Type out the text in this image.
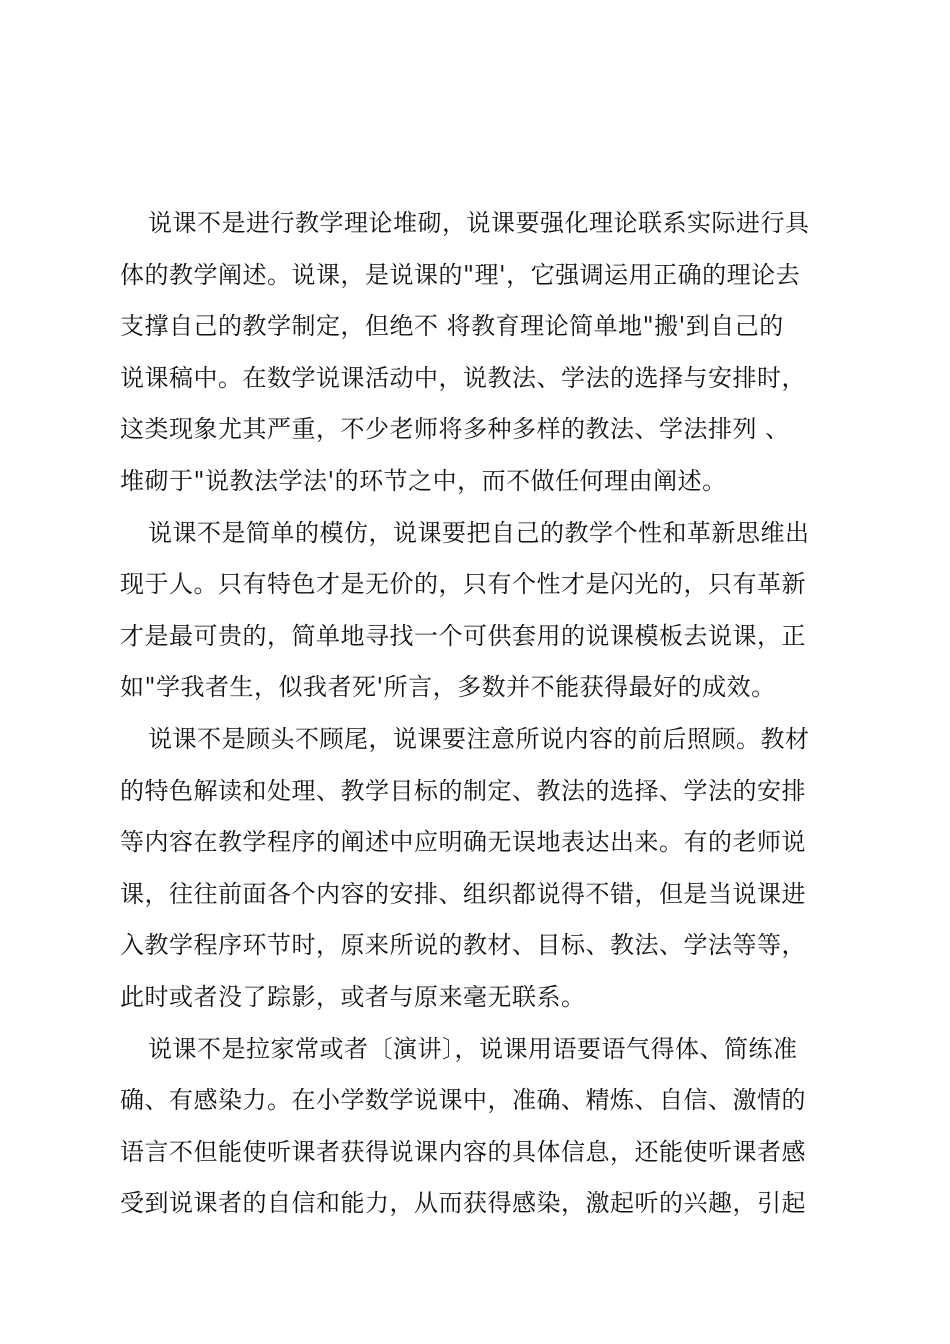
说课不是进行教学理论堆砌，说课要强化理论联系实际进行具
体的教学阐述。说课，是说课的"理'，它强调运用正确的理论去
支撑自己的教学制定，但绝不 将教育理论简单地"搬'到自己的
说课稿中。在数学说课活动中，说教法、学法的选择与安排时，
这类现象尤其严重，不少老师将多种多样的教法、学法排列 、
堆砌于"说教法学法'的环节之中，而不做任何理由阐述。
说课不是简单的模仿，说课要把自己的教学个性和革新思维出
现于人。只有特色才是无价的，只有个性才是闪光的，只有革新
才是最可贵的，简单地寻找一个可供套用的说课模板去说课，正
如"学我者生，似我者死'所言，多数并不能获得最好的成效。
说课不是顾头不顾尾，说课要注意所说内容的前后照顾。教材
的特色解读和处理、教学目标的制定、教法的选择、学法的安排
等内容在教学程序的阐述中应明确无误地表达出来。有的老师说
课，往往前面各个内容的安排、组织都说得不错，但是当说课进
入教学程序环节时，原来所说的教材、目标、教法、学法等等，
此时或者没了踪影，或者与原来毫无联系。
说课不是拉家常或者〔演讲〕，说课用语要语气得体、简练准
确、有感染力。在小学数学说课中，准确、精炼、自信、激情的
语言不但能使听课者获得说课内容的具体信息，还能使听课者感
受到说课者的自信和能力，从而获得感染，激起听的兴趣，引起
